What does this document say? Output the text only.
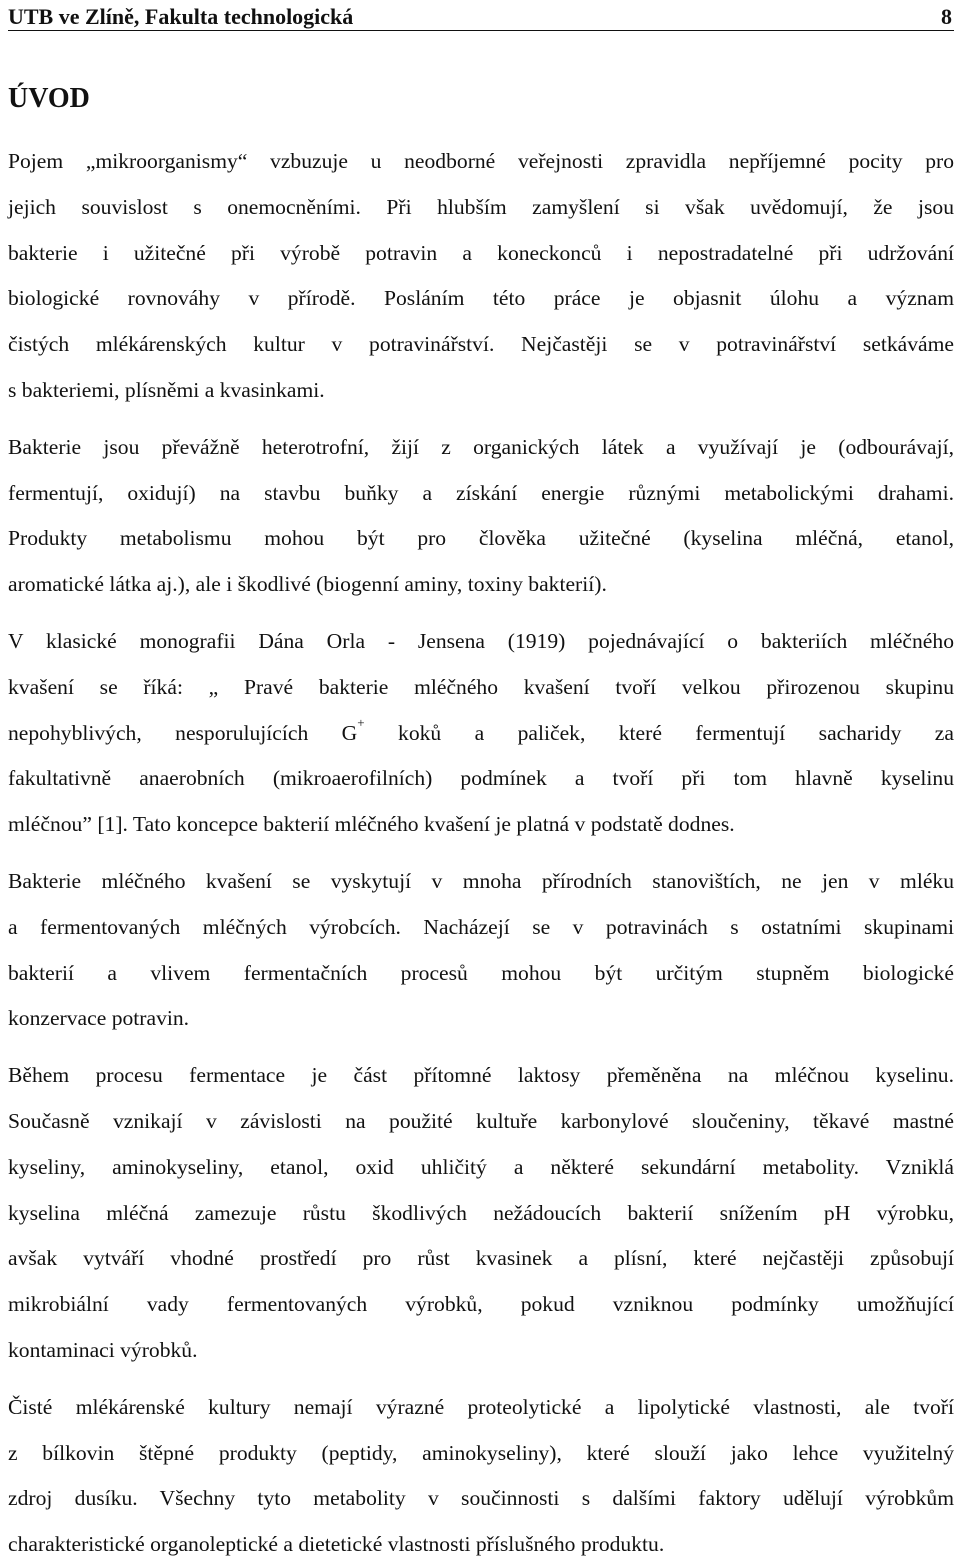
UTB ve Zlíně, Fakulta technologická	8
ÚVOD
Pojem „mikroorganismy“ vzbuzuje u neodborné veřejnosti zpravidla nepříjemné pocity pro
jejich souvislost s onemocněními. Při hlubším zamyšlení si však uvědomují, že jsou
bakterie i užitečné při výrobě potravin a koneckonců i nepostradatelné při udržování
biologické rovnováhy v přírodě. Posláním této práce je objasnit úlohu a význam
čistých mlékárenských kultur v potravinářství. Nejčastěji se v potravinářství setkáváme
s bakteriemi, plísněmi a kvasinkami.
Bakterie jsou převážně heterotrofní, žijí z organických látek a využívají je (odbourávají,
fermentují, oxidují) na stavbu buňky a získání energie různými metabolickými drahami.
Produkty metabolismu mohou být pro člověka užitečné (kyselina mléčná, etanol,
aromatické látka aj.), ale i škodlivé (biogenní aminy, toxiny bakterií).
V klasické monografii Dána Orla - Jensena (1919) pojednávající o bakteriích mléčného
kvašení se říká: „ Pravé bakterie mléčného kvašení tvoří velkou přirozenou skupinu
nepohyblivých, nesporulujících G+ koků a paliček, které fermentují sacharidy za
fakultativně anaerobních (mikroaerofilních) podmínek a tvoří při tom hlavně kyselinu
mléčnou” [1]. Tato koncepce bakterií mléčného kvašení je platná v podstatě dodnes.
Bakterie mléčného kvašení se vyskytují v mnoha přírodních stanovištích, ne jen v mléku
a fermentovaných mléčných výrobcích. Nacházejí se v potravinách s ostatními skupinami
bakterií a vlivem fermentačních procesů mohou být určitým stupněm biologické
konzervace potravin.
Během procesu fermentace je část přítomné laktosy přeměněna na mléčnou kyselinu.
Současně vznikají v závislosti na použité kultuře karbonylové sloučeniny, těkavé mastné
kyseliny, aminokyseliny, etanol, oxid uhličitý a některé sekundární metabolity. Vzniklá
kyselina mléčná zamezuje růstu škodlivých nežádoucích bakterií snížením pH výrobku,
avšak vytváří vhodné prostředí pro růst kvasinek a plísní, které nejčastěji způsobují
mikrobiální vady fermentovaných výrobků, pokud vzniknou podmínky umožňující
kontaminaci výrobků.
Čisté mlékárenské kultury nemají výrazné proteolytické a lipolytické vlastnosti, ale tvoří
z bílkovin štěpné produkty (peptidy, aminokyseliny), které slouží jako lehce využitelný
zdroj dusíku. Všechny tyto metabolity v součinnosti s dalšími faktory udělují výrobkům
charakteristické organoleptické a dietetické vlastnosti příslušného produktu.
